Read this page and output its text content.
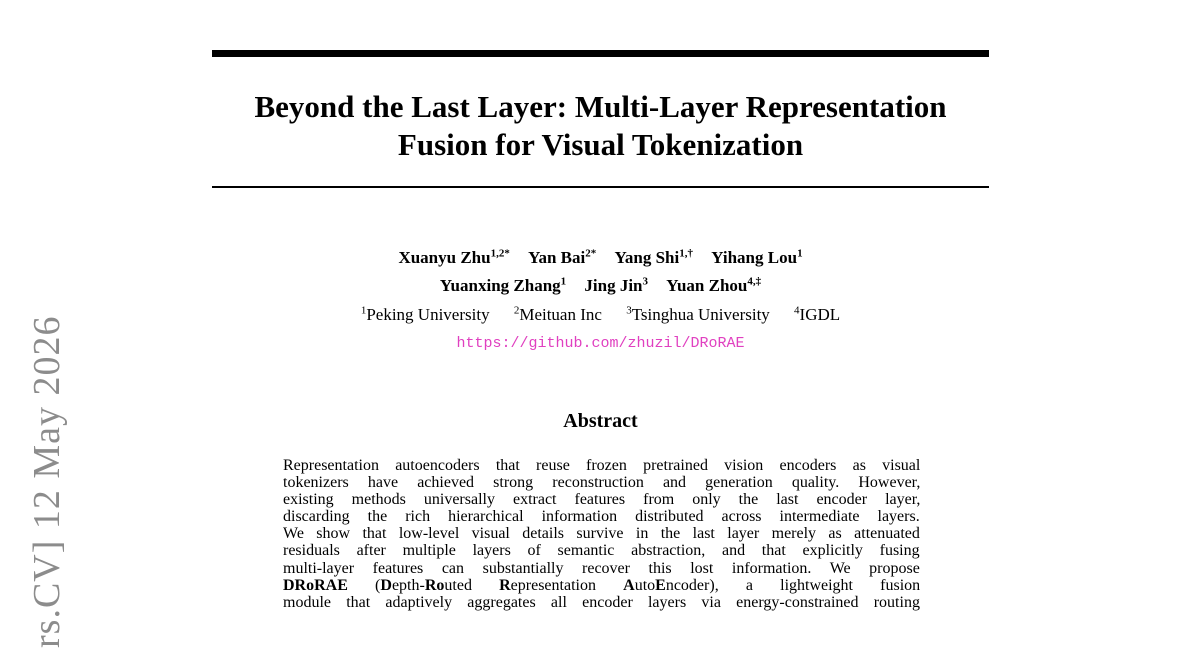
Beyond the Last Layer: Multi-Layer Representation
Fusion for Visual Tokenization
Xuanyu Zhu$^{1,2*}$ Yan Bai$^{2*}$ Yang Shi$^{1,\dagger}$ Yihang Lou$^1$
Yuanxing Zhang$^1$ Jing Jin$^3$ Yuan Zhou$^{4,\ddagger}$
$^1$Peking University $^2$Meituan Inc $^3$Tsinghua University $^4$IGDL
https://github.com/zhuzil/DRoRAE
Abstract
Representation autoencoders that reuse frozen pretrained vision encoders as visual
tokenizers have achieved strong reconstruction and generation quality. However,
existing methods universally extract features from only the last encoder layer,
discarding the rich hierarchical information distributed across intermediate layers.
We show that low-level visual details survive in the last layer merely as attenuated
residuals after multiple layers of semantic abstraction, and that explicitly fusing
multi-layer features can substantially recover this lost information. We propose
DRoRAE (Depth-Routed Representation AutoEncoder), a lightweight fusion
module that adaptively aggregates all encoder layers via energy-constrained routing
rs.CV] 12 May 2026
